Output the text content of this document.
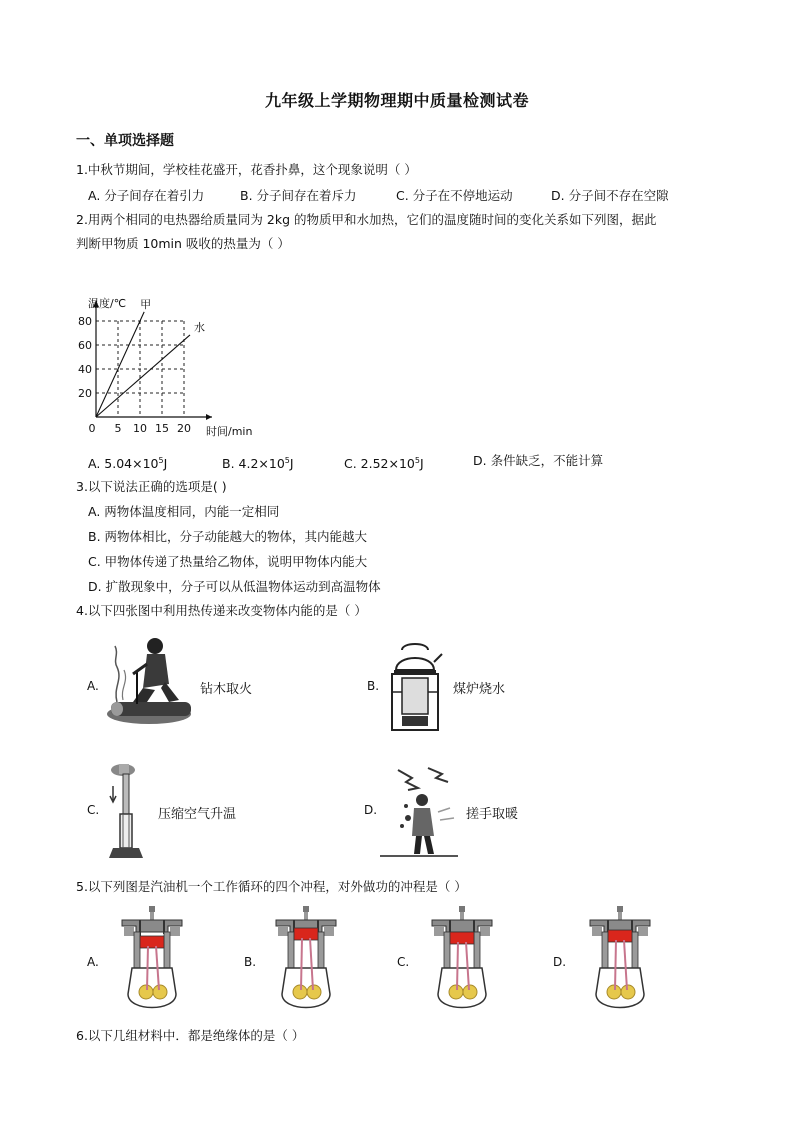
九年级上学期物理期中质量检测试卷
一、单项选择题
1.中秋节期间，学校桂花盛开，花香扑鼻，这个现象说明（ ）
A. 分子间存在着引力	B. 分子间存在着斥力	C. 分子在不停地运动	D. 分子间不存在空隙
2.用两个相同的电热器给质量同为 2kg 的物质甲和水加热，它们的温度随时间的变化关系如下列图，据此
判断甲物质 10min 吸收的热量为（ ）
0 5 10 15 20
20
40
60
80
温度/℃
时间/min
甲
水
A. $5.04\times 10^5J$	B. $4.2\times 10^5J$	C. $2.52\times 10^5J$	D. 条件缺乏，不能计算
3.以下说法正确的选项是( )
A. 两物体温度相同，内能一定相同
B. 两物体相比，分子动能越大的物体，其内能越大
C. 甲物体传递了热量给乙物体，说明甲物体内能大
D. 扩散现象中，分子可以从低温物体运动到高温物体
4.以下四张图中利用热传递来改变物体内能的是（ ）
A.	钻木取火	B.	煤炉烧水
C.	压缩空气升温	D.	搓手取暖
5.以下列图是汽油机一个工作循环的四个冲程，对外做功的冲程是（ ）
A.	B.	C.	D.
6.以下几组材料中．都是绝缘体的是（ ）
